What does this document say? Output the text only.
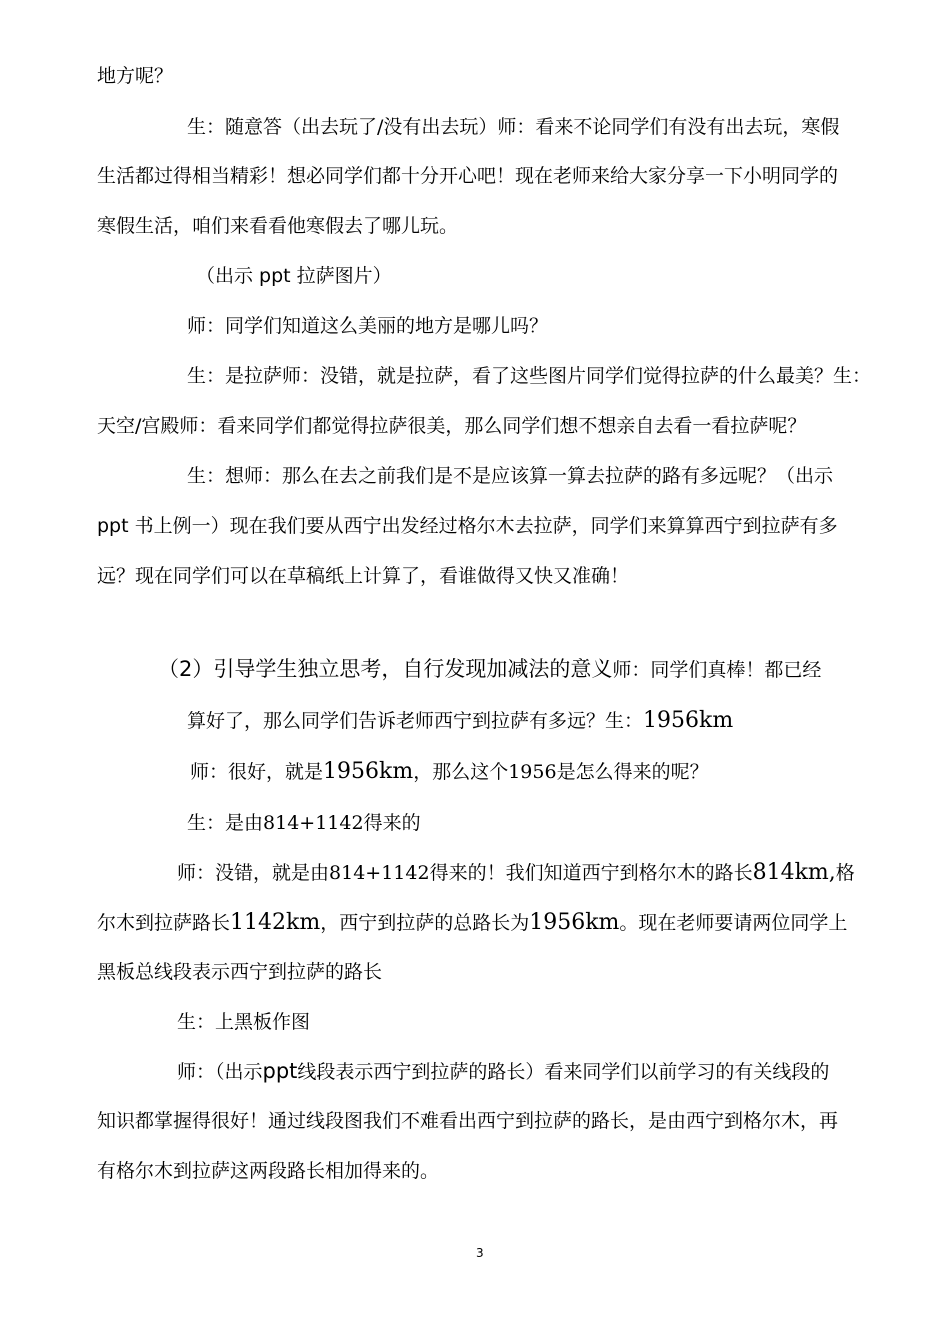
地方呢？
生：随意答（出去玩了/没有出去玩）师：看来不论同学们有没有出去玩，寒假
生活都过得相当精彩！想必同学们都十分开心吧！现在老师来给大家分享一下小明同学的
寒假生活，咱们来看看他寒假去了哪儿玩。
（出示 ppt 拉萨图片）
师：同学们知道这么美丽的地方是哪儿吗？
生：是拉萨师：没错，就是拉萨，看了这些图片同学们觉得拉萨的什么最美？生：
天空/宫殿师：看来同学们都觉得拉萨很美，那么同学们想不想亲自去看一看拉萨呢？
生：想师：那么在去之前我们是不是应该算一算去拉萨的路有多远呢？（出示
ppt 书上例一）现在我们要从西宁出发经过格尔木去拉萨，同学们来算算西宁到拉萨有多
远？现在同学们可以在草稿纸上计算了，看谁做得又快又准确！
（2）引导学生独立思考，自行发现加减法的意义师：同学们真棒！都已经
算好了，那么同学们告诉老师西宁到拉萨有多远？生：1956km
师：很好，就是1956km，那么这个1956是怎么得来的呢？
生：是由814+1142得来的
师：没错，就是由814+1142得来的！我们知道西宁到格尔木的路长814km,格
尔木到拉萨路长1142km，西宁到拉萨的总路长为1956km。现在老师要请两位同学上
黑板总线段表示西宁到拉萨的路长
生：上黑板作图
师：（出示ppt线段表示西宁到拉萨的路长）看来同学们以前学习的有关线段的
知识都掌握得很好！通过线段图我们不难看出西宁到拉萨的路长，是由西宁到格尔木，再
有格尔木到拉萨这两段路长相加得来的。
3
